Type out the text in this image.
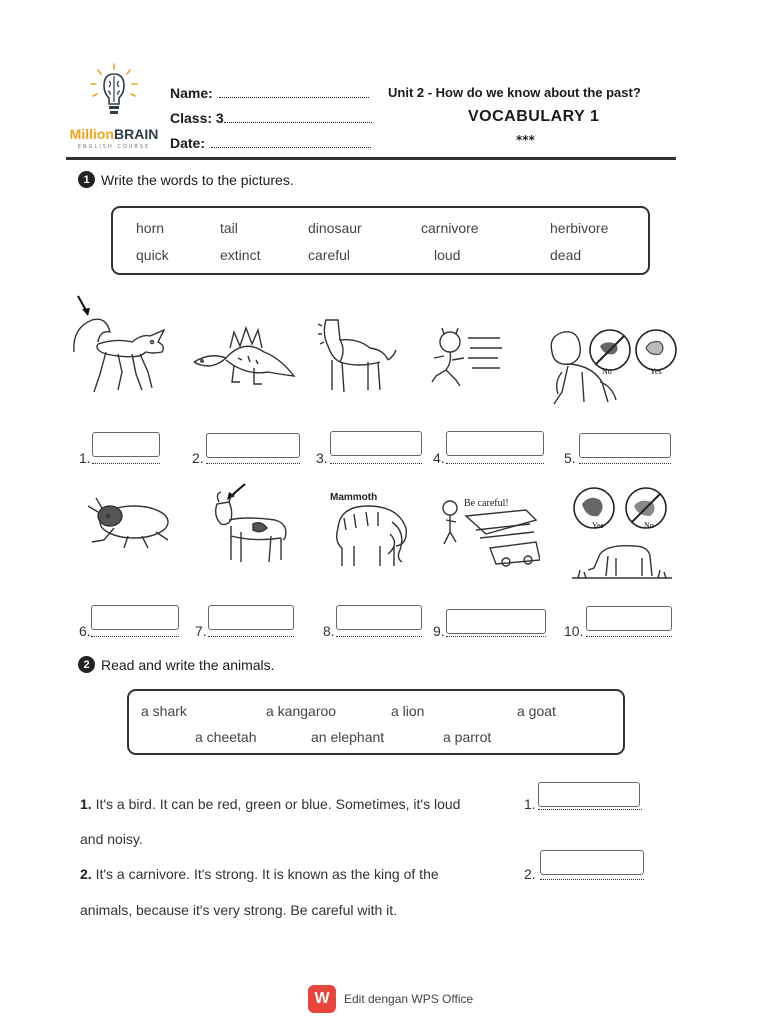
MillionBRAIN
ENGLISH COURSE
Name:
Class: 3
Date:
Unit 2 - How do we know about the past?
VOCABULARY 1
***
1 Write the words to the pictures.
horn	tail	dinosaur	carnivore	herbivore
quick	extinct	careful	loud	dead
No	Yes
1.	2.	3.	4.	5.
Mammoth
Be careful!
Yes	No
6.	7.	8.	9.	10.
2 Read and write the animals.
a shark	a kangaroo	a lion	a goat
a cheetah	an elephant	a parrot
1. It's a bird. It can be red, green or blue. Sometimes, it's loud
and noisy.
2. It's a carnivore. It's strong. It is known as the king of the
animals, because it's very strong. Be careful with it.
1.
2.
W	Edit dengan WPS Office
